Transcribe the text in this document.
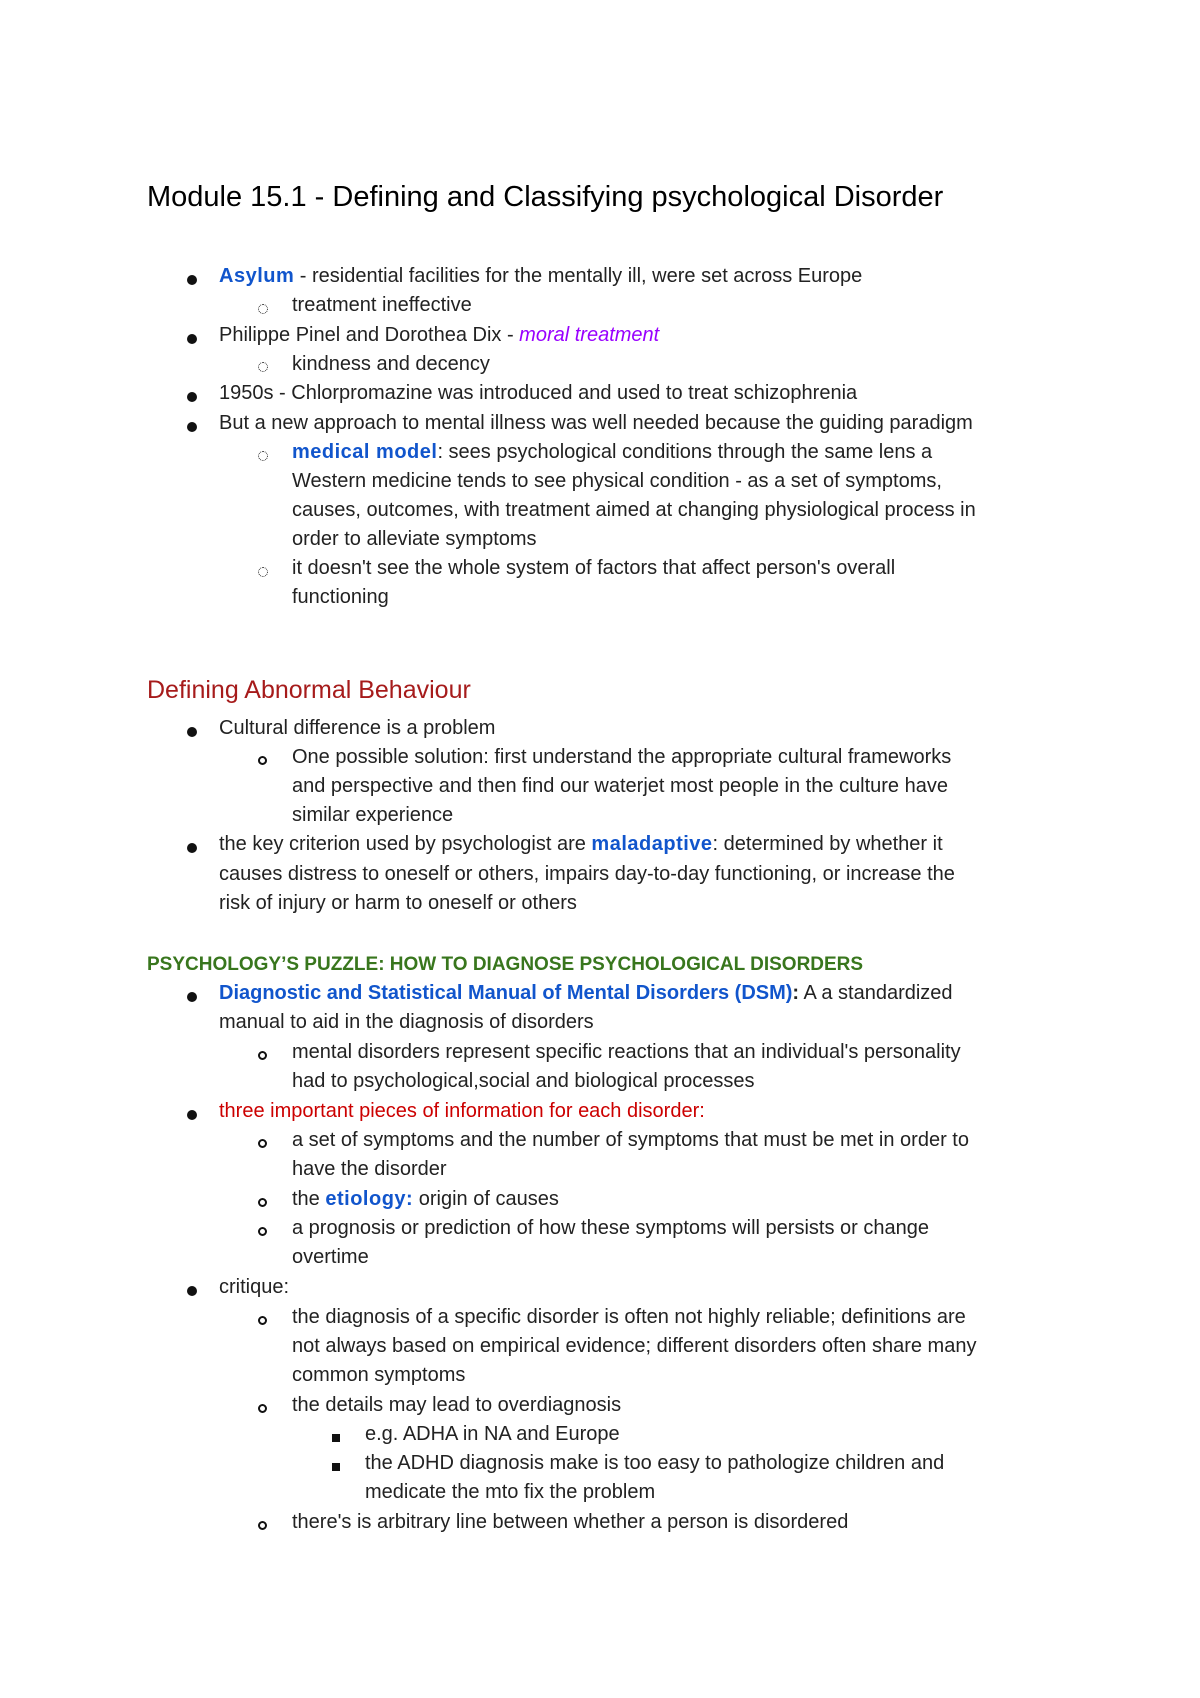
Module 15.1 - Defining and Classifying psychological Disorder
Asylum - residential facilities for the mentally ill, were set across Europe
treatment ineffective
Philippe Pinel and Dorothea Dix - moral treatment
kindness and decency
1950s - Chlorpromazine was introduced and used to treat schizophrenia
But a new approach to mental illness was well needed because the guiding paradigm
medical model: sees psychological conditions through the same lens a
Western medicine tends to see physical condition - as a set of symptoms,
causes, outcomes, with treatment aimed at changing physiological process in
order to alleviate symptoms
it doesn't see the whole system of factors that affect person's overall
functioning
Defining Abnormal Behaviour
Cultural difference is a problem
One possible solution: first understand the appropriate cultural frameworks
and perspective and then find our waterjet most people in the culture have
similar experience
the key criterion used by psychologist are maladaptive: determined by whether it
causes distress to oneself or others, impairs day-to-day functioning, or increase the
risk of injury or harm to oneself or others
PSYCHOLOGY’S PUZZLE: HOW TO DIAGNOSE PSYCHOLOGICAL DISORDERS
Diagnostic and Statistical Manual of Mental Disorders (DSM): A a standardized
manual to aid in the diagnosis of disorders
mental disorders represent specific reactions that an individual's personality
had to psychological,social and biological processes
three important pieces of information for each disorder:
a set of symptoms and the number of symptoms that must be met in order to
have the disorder
the etiology: origin of causes
a prognosis or prediction of how these symptoms will persists or change
overtime
critique:
the diagnosis of a specific disorder is often not highly reliable; definitions are
not always based on empirical evidence; different disorders often share many
common symptoms
the details may lead to overdiagnosis
e.g. ADHA in NA and Europe
the ADHD diagnosis make is too easy to pathologize children and
medicate the mto fix the problem
there's is arbitrary line between whether a person is disordered
